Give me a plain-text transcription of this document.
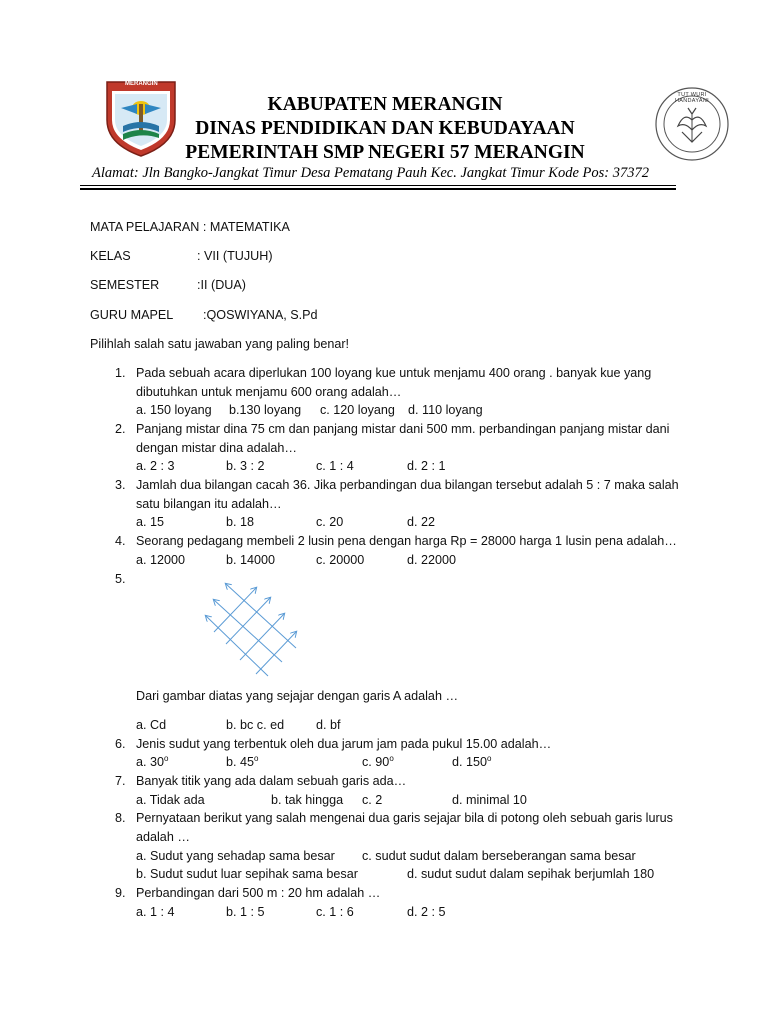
MERANGIN
TUT WURI HANDAYANI
KABUPATEN MERANGIN
DINAS PENDIDIKAN DAN KEBUDAYAAN
PEMERINTAH SMP NEGERI 57 MERANGIN
Alamat: Jln Bangko-Jangkat Timur Desa Pematang Pauh Kec. Jangkat Timur Kode Pos: 37372
MATA PELAJARAN : MATEMATIKA
KELAS	: VII (TUJUH)
SEMESTER	:II (DUA)
GURU MAPEL :QOSWIYANA, S.Pd
Pilihlah salah satu jawaban yang paling benar!
1. Pada sebuah acara diperlukan 100 loyang kue untuk menjamu 400 orang . banyak kue yang
dibutuhkan untuk menjamu 600 orang adalah…
a. 150 loyang b.130 loyang c. 120 loyang d. 110 loyang
2. Panjang mistar dina 75 cm dan panjang mistar dani 500 mm. perbandingan panjang mistar dani
dengan mistar dina adalah…
a. 2 : 3	b. 3 : 2	c. 1 : 4	d. 2 : 1
3. Jamlah dua bilangan cacah 36. Jika perbandingan dua bilangan tersebut adalah 5 : 7 maka salah
satu bilangan itu adalah…
a. 15	b. 18	c. 20	d. 22
4. Seorang pedagang membeli 2 lusin pena dengan harga Rp = 28000 harga 1 lusin pena adalah…
a. 12000	b. 14000	c. 20000	d. 22000
5.
Dari gambar diatas yang sejajar dengan garis A adalah …
a. Cd	b. bc c. ed	d. bf
6. Jenis sudut yang terbentuk oleh dua jarum jam pada pukul 15.00 adalah…
a. 30$^o$	b. 45$^o$	c. 90$^o$	d. 150$^o$
7. Banyak titik yang ada dalam sebuah garis ada…
a. Tidak ada	b. tak hingga c. 2	d. minimal 10
8. Pernyataan berikut yang salah mengenai dua garis sejajar bila di potong oleh sebuah garis lurus
adalah …
a. Sudut yang sehadap sama besar c. sudut sudut dalam berseberangan sama besar
b. Sudut sudut luar sepihak sama besar	d. sudut sudut dalam sepihak berjumlah 180
9. Perbandingan dari 500 m : 20 hm adalah …
a. 1 : 4	b. 1 : 5	c. 1 : 6	d. 2 : 5
